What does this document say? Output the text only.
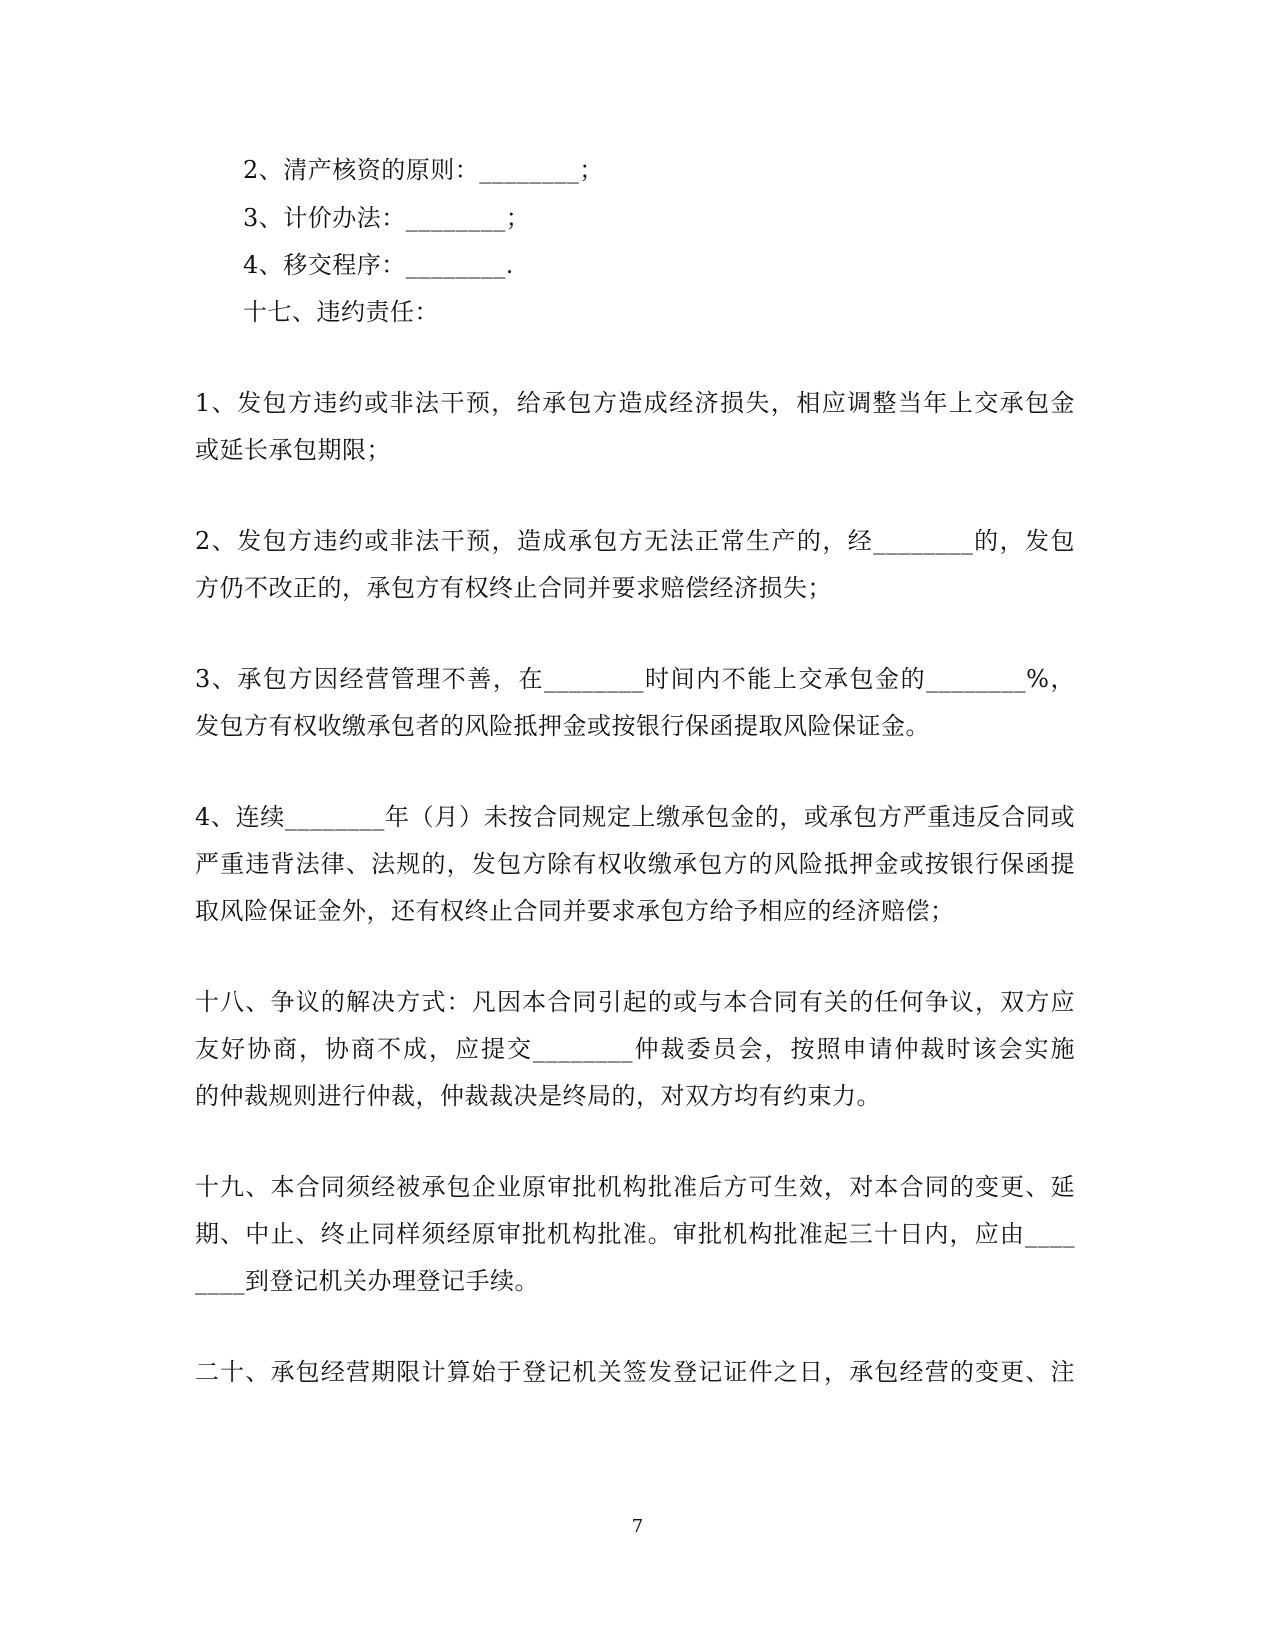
2、清产核资的原则：________；
3、计价办法：________；
4、移交程序：________.
十七、违约责任：
1、发包方违约或非法干预，给承包方造成经济损失，相应调整当年上交承包金
或延长承包期限；
2、发包方违约或非法干预，造成承包方无法正常生产的，经________的，发包
方仍不改正的，承包方有权终止合同并要求赔偿经济损失；
3、承包方因经营管理不善，在________时间内不能上交承包金的________%，
发包方有权收缴承包者的风险抵押金或按银行保函提取风险保证金。
4、连续________年（月）未按合同规定上缴承包金的，或承包方严重违反合同或
严重违背法律、法规的，发包方除有权收缴承包方的风险抵押金或按银行保函提
取风险保证金外，还有权终止合同并要求承包方给予相应的经济赔偿；
十八、争议的解决方式：凡因本合同引起的或与本合同有关的任何争议，双方应
友好协商，协商不成，应提交________仲裁委员会，按照申请仲裁时该会实施
的仲裁规则进行仲裁，仲裁裁决是终局的，对双方均有约束力。
十九、本合同须经被承包企业原审批机构批准后方可生效，对本合同的变更、延
期、中止、终止同样须经原审批机构批准。审批机构批准起三十日内，应由____
____到登记机关办理登记手续。
二十、承包经营期限计算始于登记机关签发登记证件之日，承包经营的变更、注
7
